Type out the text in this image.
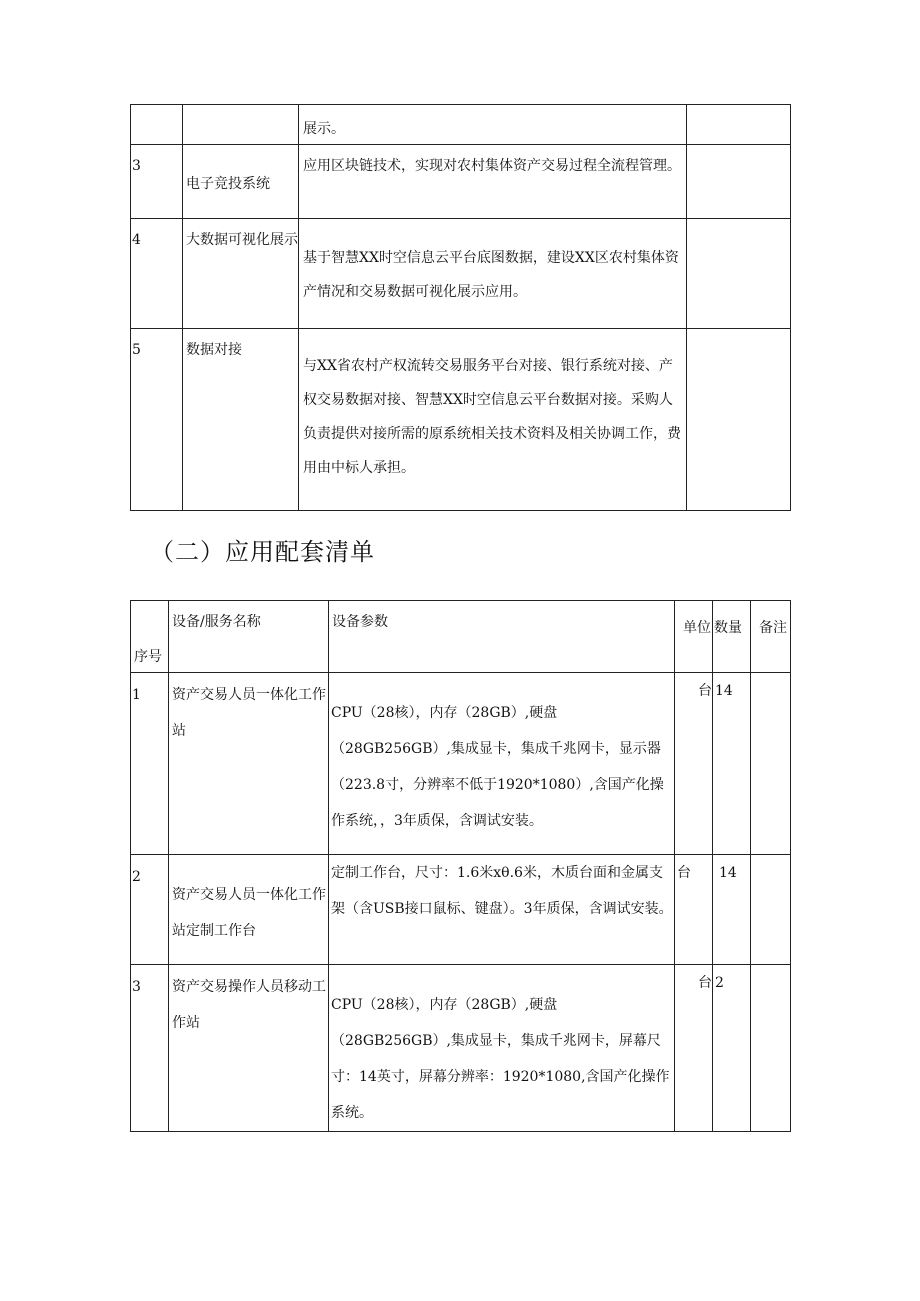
		展示。	
3	电子竞投系统	应用区块链技术，实现对农村集体资产交易过程全流程管理。	
4	大数据可视化展示	基于智慧XX时空信息云平台底图数据，建设XX区农村集体资产情况和交易数据可视化展示应用。	
5	数据对接	与XX省农村产权流转交易服务平台对接、银行系统对接、产权交易数据对接、智慧XX时空信息云平台数据对接。采购人负责提供对接所需的原系统相关技术资料及相关协调工作，费用由中标人承担。	
（二）应用配套清单
序号	设备/服务名称	设备参数	单位	数量	备注
1	资产交易人员一体化工作站	CPU（28核），内存（28GB）,硬盘（28GB256GB）,集成显卡，集成千兆网卡，显示器（223.8寸，分辨率不低于1920*1080）,含国产化操作系统，，3年质保，含调试安装。	台	14	
2	资产交易人员一体化工作站定制工作台	定制工作台，尺寸：1.6米xθ.6米，木质台面和金属支架（含USB接口鼠标、键盘）。3年质保，含调试安装。	台	14	
3	资产交易操作人员移动工作站	CPU（28核），内存（28GB）,硬盘（28GB256GB）,集成显卡，集成千兆网卡，屏幕尺寸：14英寸，屏幕分辨率：1920*1080,含国产化操作系统。	台	2	
